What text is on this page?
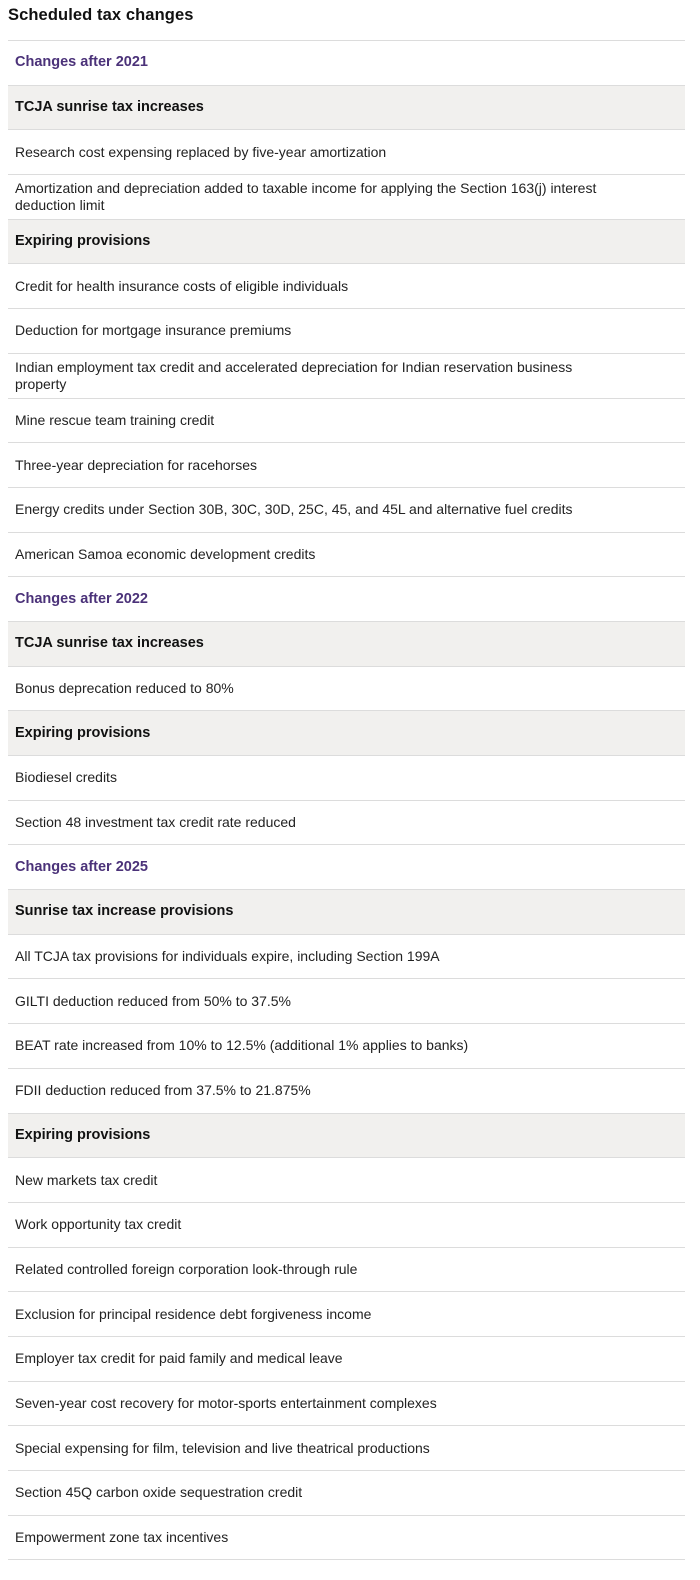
Scheduled tax changes
Changes after 2021
TCJA sunrise tax increases
Research cost expensing replaced by five-year amortization
Amortization and depreciation added to taxable income for applying the Section 163(j) interest deduction limit
Expiring provisions
Credit for health insurance costs of eligible individuals
Deduction for mortgage insurance premiums
Indian employment tax credit and accelerated depreciation for Indian reservation business property
Mine rescue team training credit
Three-year depreciation for racehorses
Energy credits under Section 30B, 30C, 30D, 25C, 45, and 45L and alternative fuel credits
American Samoa economic development credits
Changes after 2022
TCJA sunrise tax increases
Bonus deprecation reduced to 80%
Expiring provisions
Biodiesel credits
Section 48 investment tax credit rate reduced
Changes after 2025
Sunrise tax increase provisions
All TCJA tax provisions for individuals expire, including Section 199A
GILTI deduction reduced from 50% to 37.5%
BEAT rate increased from 10% to 12.5% (additional 1% applies to banks)
FDII deduction reduced from 37.5% to 21.875%
Expiring provisions
New markets tax credit
Work opportunity tax credit
Related controlled foreign corporation look-through rule
Exclusion for principal residence debt forgiveness income
Employer tax credit for paid family and medical leave
Seven-year cost recovery for motor-sports entertainment complexes
Special expensing for film, television and live theatrical productions
Section 45Q carbon oxide sequestration credit
Empowerment zone tax incentives
